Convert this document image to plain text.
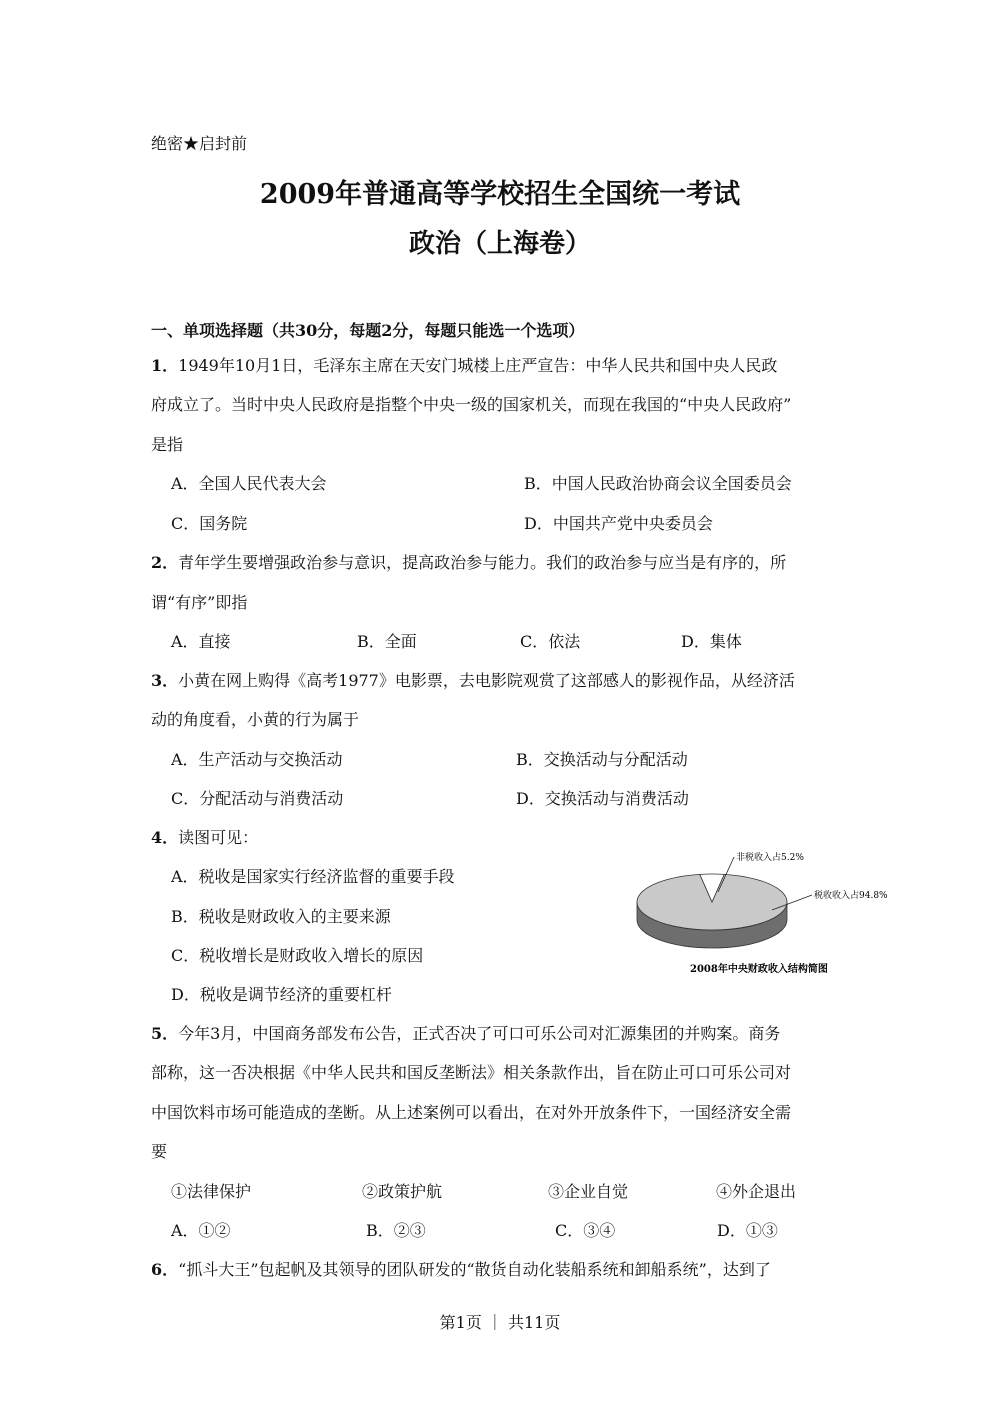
绝密★启封前
2009年普通高等学校招生全国统一考试
政治（上海卷）
一、单项选择题（共30分，每题2分，每题只能选一个选项）
1．1949年10月1日，毛泽东主席在天安门城楼上庄严宣告：中华人民共和国中央人民政
府成立了。当时中央人民政府是指整个中央一级的国家机关，而现在我国的“中央人民政府”
是指
A．全国人民代表大会	B．中国人民政治协商会议全国委员会
C．国务院	D．中国共产党中央委员会
2．青年学生要增强政治参与意识，提高政治参与能力。我们的政治参与应当是有序的，所
谓“有序”即指
A．直接	B．全面	C．依法	D．集体
3．小黄在网上购得《高考1977》电影票，去电影院观赏了这部感人的影视作品，从经济活
动的角度看，小黄的行为属于
A．生产活动与交换活动	B．交换活动与分配活动
C．分配活动与消费活动	D．交换活动与消费活动
4．读图可见：
A．税收是国家实行经济监督的重要手段
B．税收是财政收入的主要来源
C．税收增长是财政收入增长的原因
D．税收是调节经济的重要杠杆
非税收入占5.2%
税收收入占94.8%
2008年中央财政收入结构简图
5．今年3月，中国商务部发布公告，正式否决了可口可乐公司对汇源集团的并购案。商务
部称，这一否决根据《中华人民共和国反垄断法》相关条款作出，旨在防止可口可乐公司对
中国饮料市场可能造成的垄断。从上述案例可以看出，在对外开放条件下，一国经济安全需
要
①法律保护	②政策护航	③企业自觉	④外企退出
A．①②	B．②③	C．③④	D．①③
6．“抓斗大王”包起帆及其领导的团队研发的“散货自动化装船系统和卸船系统”，达到了
第1页 ｜ 共11页
